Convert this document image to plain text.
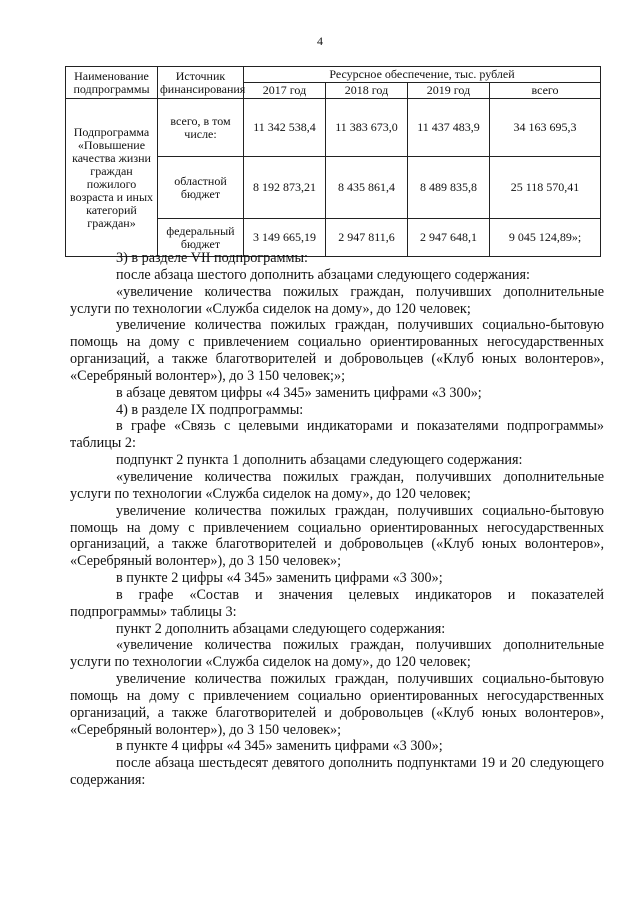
4
Наименование подпрограммы	Источник финансирования	Ресурсное обеспечение, тыс. рублей			
		2017 год	2018 год	2019 год	всего
Подпрограмма «Повышение качества жизни граждан пожилого возраста и иных категорий граждан»	всего, в том числе:	11 342 538,4	11 383 673,0	11 437 483,9	34 163 695,3
	областной бюджет	8 192 873,21	8 435 861,4	8 489 835,8	25 118 570,41
	федеральный бюджет	3 149 665,19	2 947 811,6	2 947 648,1	9 045 124,89»;

3) в разделе VII подпрограммы:

после абзаца шестого дополнить абзацами следующего содержания:

«увеличение количества пожилых граждан, получивших дополнительные услуги по технологии «Служба сиделок на дому», до 120 человек;

увеличение количества пожилых граждан, получивших социально-бытовую помощь на дому с привлечением социально ориентированных негосударственных организаций, а также благотворителей и добровольцев («Клуб юных волонтеров», «Серебряный волонтер»), до 3 150 человек;»;

в абзаце девятом цифры «4 345» заменить цифрами «3 300»;

4) в разделе IX подпрограммы:

в графе «Связь с целевыми индикаторами и показателями подпрограммы» таблицы 2:

подпункт 2 пункта 1 дополнить абзацами следующего содержания:

«увеличение количества пожилых граждан, получивших дополнительные услуги по технологии «Служба сиделок на дому», до 120 человек;

увеличение количества пожилых граждан, получивших социально-бытовую помощь на дому с привлечением социально ориентированных негосударственных организаций, а также благотворителей и добровольцев («Клуб юных волонтеров», «Серебряный волонтер»), до 3 150 человек»;

в пункте 2 цифры «4 345» заменить цифрами «3 300»;

в графе «Состав и значения целевых индикаторов и показателей подпрограммы» таблицы 3:

пункт 2 дополнить абзацами следующего содержания:

«увеличение количества пожилых граждан, получивших дополнительные услуги по технологии «Служба сиделок на дому», до 120 человек;

увеличение количества пожилых граждан, получивших социально-бытовую помощь на дому с привлечением социально ориентированных негосударственных организаций, а также благотворителей и добровольцев («Клуб юных волонтеров», «Серебряный волонтер»), до 3 150 человек»;

в пункте 4 цифры «4 345» заменить цифрами «3 300»;

после абзаца шестьдесят девятого дополнить подпунктами 19 и 20 следующего содержания:
